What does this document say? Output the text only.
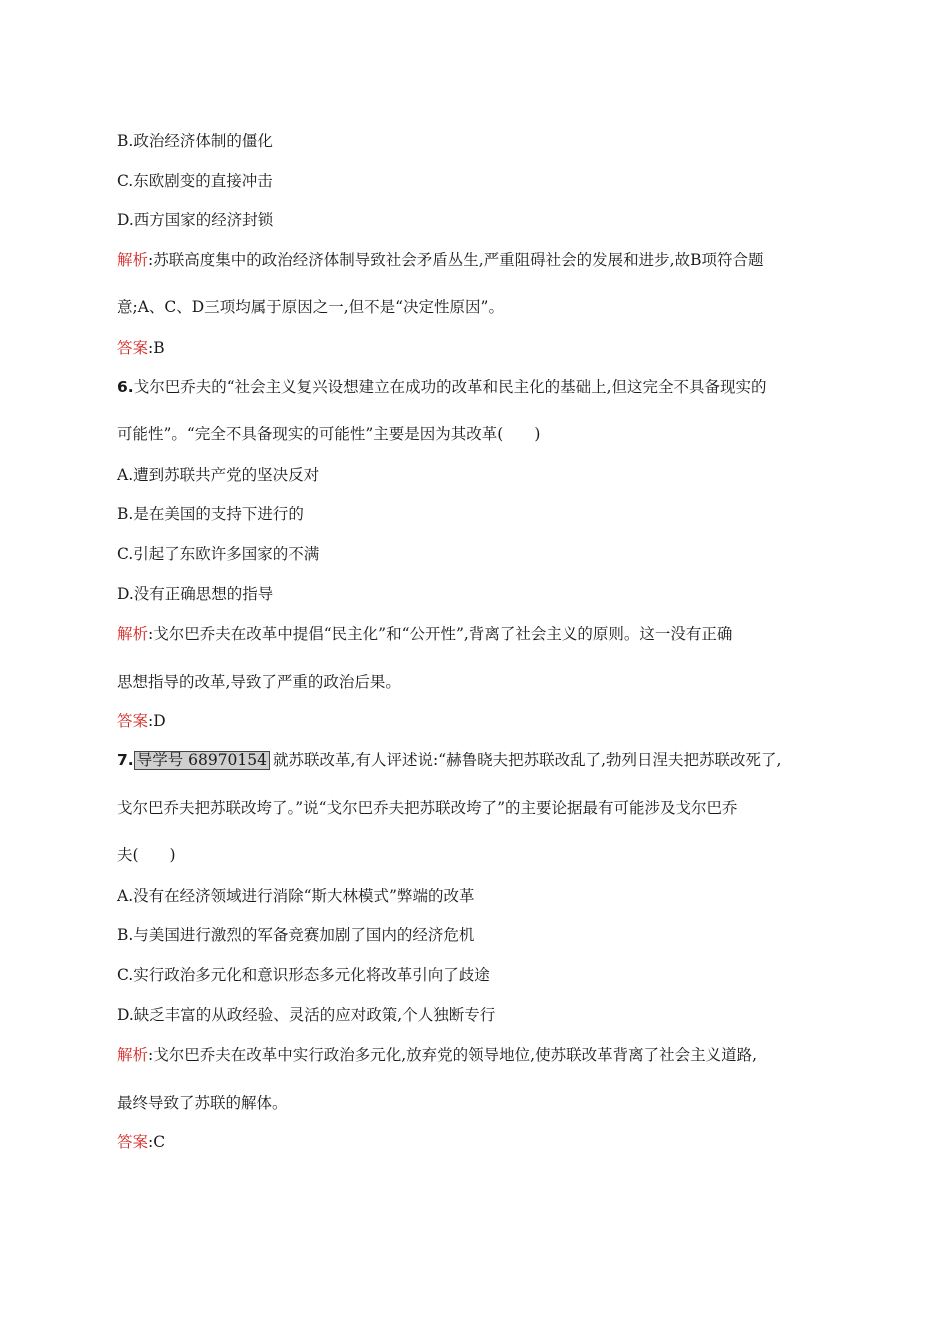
B.政治经济体制的僵化
C.东欧剧变的直接冲击
D.西方国家的经济封锁
解析:苏联高度集中的政治经济体制导致社会矛盾丛生,严重阻碍社会的发展和进步,故B项符合题
意;A、C、D三项均属于原因之一,但不是“决定性原因”。
答案:B
6.戈尔巴乔夫的“社会主义复兴设想建立在成功的改革和民主化的基础上,但这完全不具备现实的
可能性”。“完全不具备现实的可能性”主要是因为其改革(　　)
A.遭到苏联共产党的坚决反对
B.是在美国的支持下进行的
C.引起了东欧许多国家的不满
D.没有正确思想的指导
解析:戈尔巴乔夫在改革中提倡“民主化”和“公开性”,背离了社会主义的原则。这一没有正确
思想指导的改革,导致了严重的政治后果。
答案:D
7. 导学号 68970154 就苏联改革,有人评述说:“赫鲁晓夫把苏联改乱了,勃列日涅夫把苏联改死了,
戈尔巴乔夫把苏联改垮了。”说“戈尔巴乔夫把苏联改垮了”的主要论据最有可能涉及戈尔巴乔
夫(　　)
A.没有在经济领域进行消除“斯大林模式”弊端的改革
B.与美国进行激烈的军备竞赛加剧了国内的经济危机
C.实行政治多元化和意识形态多元化将改革引向了歧途
D.缺乏丰富的从政经验、灵活的应对政策,个人独断专行
解析:戈尔巴乔夫在改革中实行政治多元化,放弃党的领导地位,使苏联改革背离了社会主义道路,
最终导致了苏联的解体。
答案:C
